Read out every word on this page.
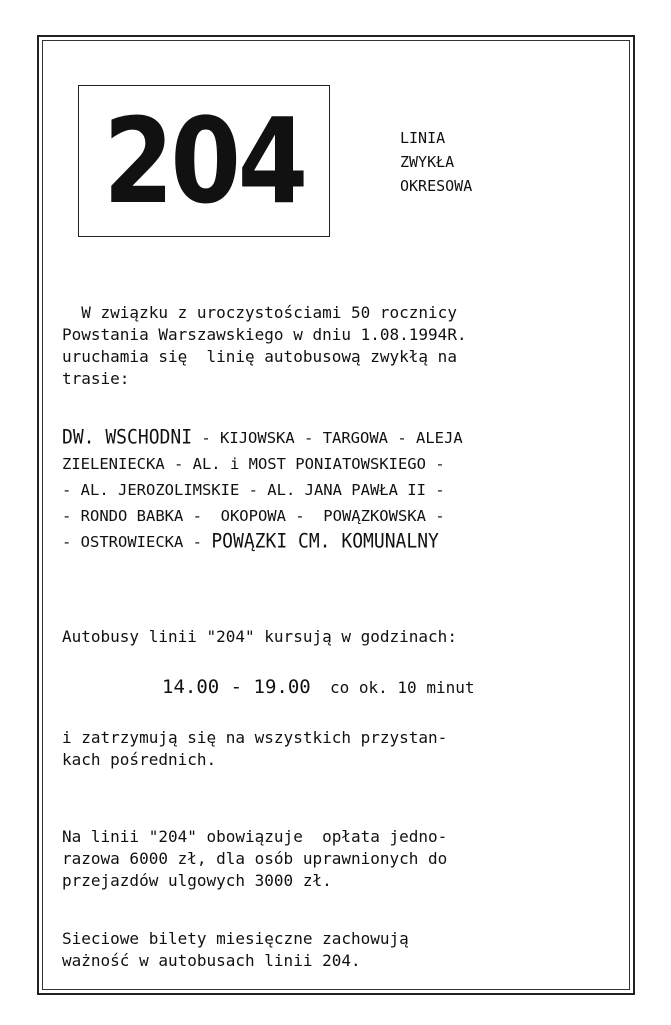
204	LINIA
ZWYKŁA
OKRESOWA
W związku z uroczystościami 50 rocznicy
Powstania Warszawskiego w dniu 1.08.1994R.
uruchamia się  linię autobusową zwykłą na
trasie:
DW. WSCHODNI - KIJOWSKA - TARGOWA - ALEJA
ZIELENIECKA - AL. i MOST PONIATOWSKIEGO -
- AL. JEROZOLIMSKIE - AL. JANA PAWŁA II -
- RONDO BABKA -  OKOPOWA -  POWĄZKOWSKA -
- OSTROWIECKA - POWĄZKI CM. KOMUNALNY
Autobusy linii "204" kursują w godzinach:
14.00 - 19.00  co ok. 10 minut
i zatrzymują się na wszystkich przystan-
kach pośrednich.
Na linii "204" obowiązuje  opłata jedno-
razowa 6000 zł, dla osób uprawnionych do
przejazdów ulgowych 3000 zł.
Sieciowe bilety miesięczne zachowują
ważność w autobusach linii 204.
